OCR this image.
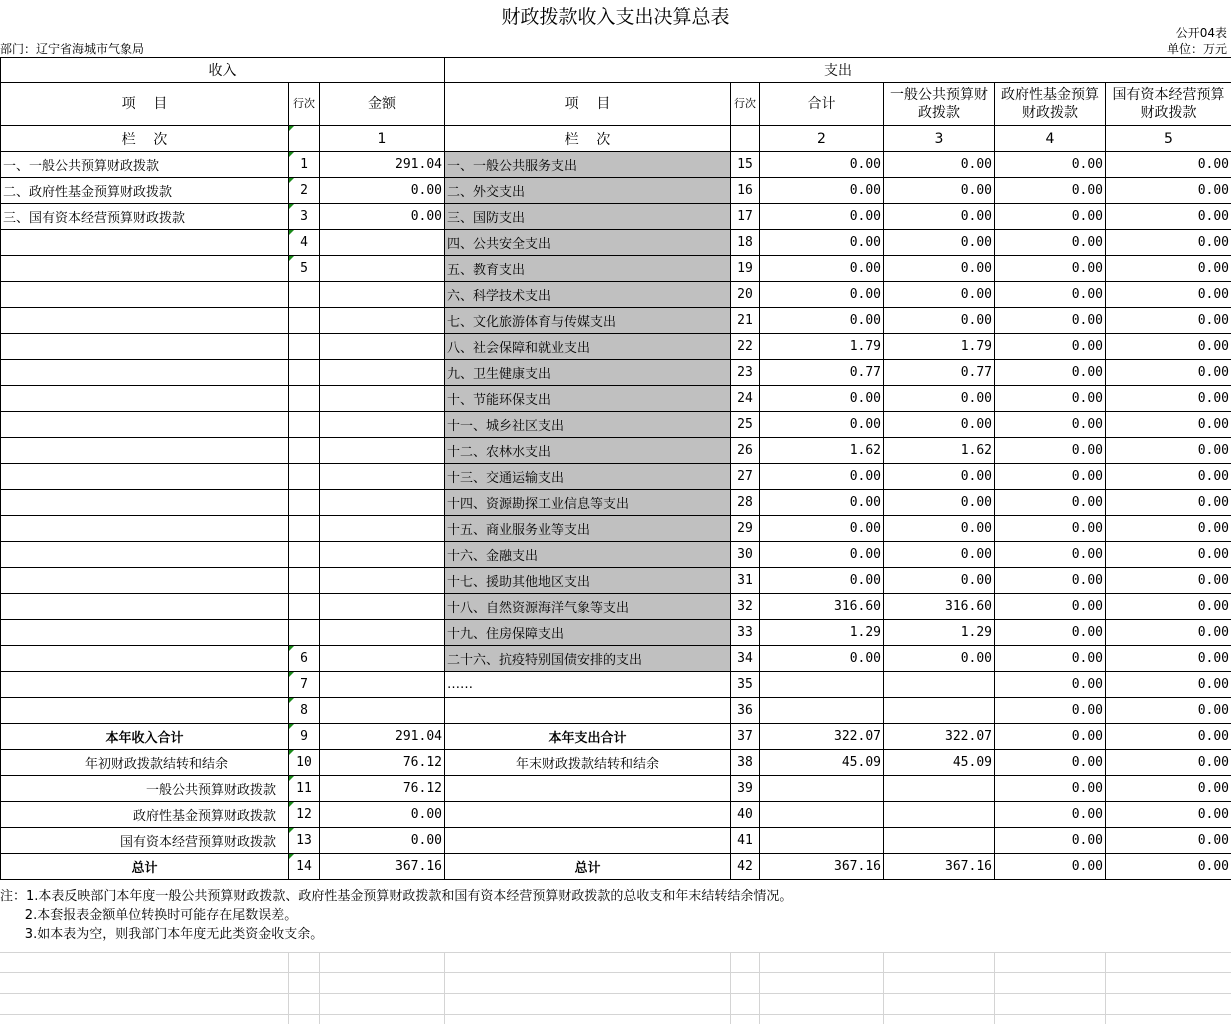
财政拨款收入支出决算总表
公开04表
部门：辽宁省海城市气象局	单位：万元
收入			支出					
项    目	行次	金额	项    目	行次	合计	一般公共预算财政拨款	政府性基金预算财政拨款	国有资本经营预算财政拨款
栏    次		1	栏    次		2	3	4	5
一、一般公共预算财政拨款	1	291.04	一、一般公共服务支出	15	0.00	0.00	0.00	0.00
二、政府性基金预算财政拨款	2	0.00	二、外交支出	16	0.00	0.00	0.00	0.00
三、国有资本经营预算财政拨款	3	0.00	三、国防支出	17	0.00	0.00	0.00	0.00
	4		四、公共安全支出	18	0.00	0.00	0.00	0.00
	5		五、教育支出	19	0.00	0.00	0.00	0.00
			六、科学技术支出	20	0.00	0.00	0.00	0.00
			七、文化旅游体育与传媒支出	21	0.00	0.00	0.00	0.00
			八、社会保障和就业支出	22	1.79	1.79	0.00	0.00
			九、卫生健康支出	23	0.77	0.77	0.00	0.00
			十、节能环保支出	24	0.00	0.00	0.00	0.00
			十一、城乡社区支出	25	0.00	0.00	0.00	0.00
			十二、农林水支出	26	1.62	1.62	0.00	0.00
			十三、交通运输支出	27	0.00	0.00	0.00	0.00
			十四、资源勘探工业信息等支出	28	0.00	0.00	0.00	0.00
			十五、商业服务业等支出	29	0.00	0.00	0.00	0.00
			十六、金融支出	30	0.00	0.00	0.00	0.00
			十七、援助其他地区支出	31	0.00	0.00	0.00	0.00
			十八、自然资源海洋气象等支出	32	316.60	316.60	0.00	0.00
			十九、住房保障支出	33	1.29	1.29	0.00	0.00
	6		二十六、抗疫特别国债安排的支出	34	0.00	0.00	0.00	0.00
	7		……	35			0.00	0.00
	8			36			0.00	0.00
本年收入合计	9	291.04	本年支出合计	37	322.07	322.07	0.00	0.00
年初财政拨款结转和结余	10	76.12	年末财政拨款结转和结余	38	45.09	45.09	0.00	0.00
一般公共预算财政拨款	11	76.12		39			0.00	0.00
政府性基金预算财政拨款	12	0.00		40			0.00	0.00
国有资本经营预算财政拨款	13	0.00		41			0.00	0.00
总计	14	367.16	总计	42	367.16	367.16	0.00	0.00
注：1.本表反映部门本年度一般公共预算财政拨款、政府性基金预算财政拨款和国有资本经营预算财政拨款的总收支和年末结转结余情况。
2.本套报表金额单位转换时可能存在尾数误差。
3.如本表为空，则我部门本年度无此类资金收支余。
